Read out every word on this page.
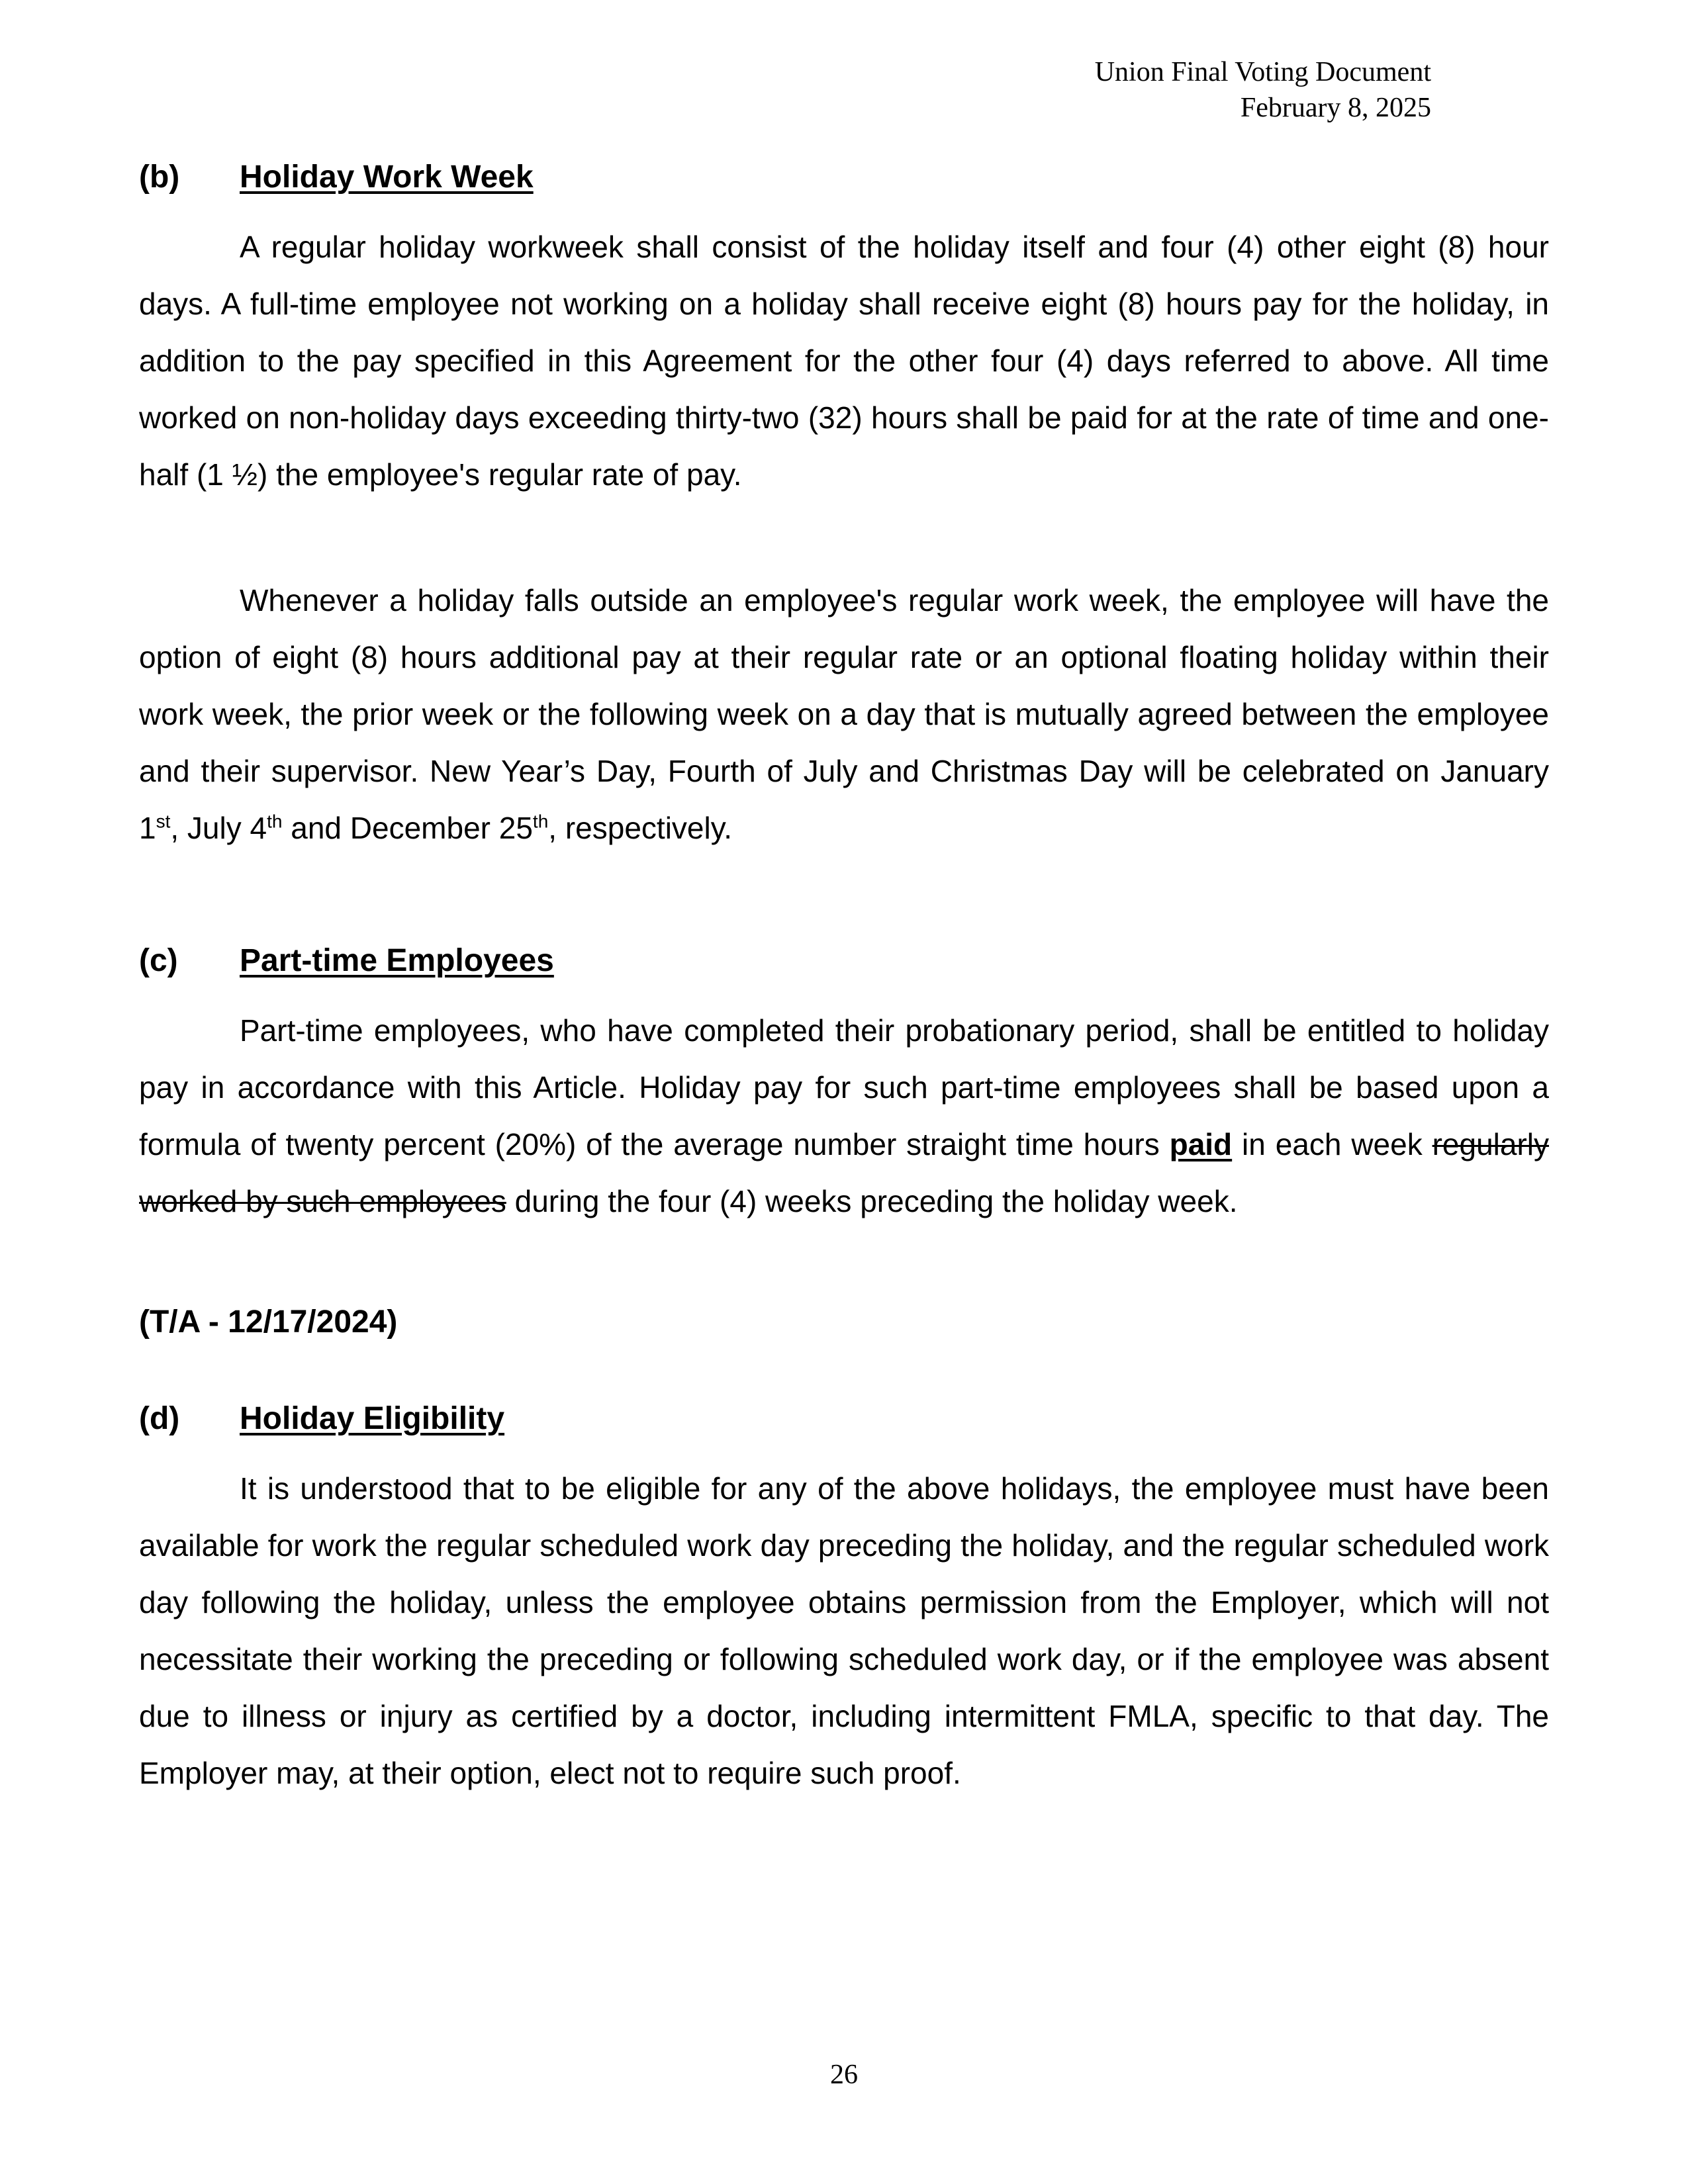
Union Final Voting Document
February 8, 2025
(b) Holiday Work Week

A regular holiday workweek shall consist of the holiday itself and four (4) other eight (8) hour days. A full-time employee not working on a holiday shall receive eight (8) hours pay for the holiday, in addition to the pay specified in this Agreement for the other four (4) days referred to above. All time worked on non-holiday days exceeding thirty-two (32) hours shall be paid for at the rate of time and one-half (1 ½) the employee's regular rate of pay.

Whenever a holiday falls outside an employee's regular work week, the employee will have the option of eight (8) hours additional pay at their regular rate or an optional floating holiday within their work week, the prior week or the following week on a day that is mutually agreed between the employee and their supervisor. New Year’s Day, Fourth of July and Christmas Day will be celebrated on January 1st, July 4th and December 25th, respectively.

(c) Part-time Employees

Part-time employees, who have completed their probationary period, shall be entitled to holiday pay in accordance with this Article. Holiday pay for such part-time employees shall be based upon a formula of twenty percent (20%) of the average number straight time hours paid in each week regularly worked by such employees during the four (4) weeks preceding the holiday week.

(T/A - 12/17/2024)
(d) Holiday Eligibility

It is understood that to be eligible for any of the above holidays, the employee must have been available for work the regular scheduled work day preceding the holiday, and the regular scheduled work day following the holiday, unless the employee obtains permission from the Employer, which will not necessitate their working the preceding or following scheduled work day, or if the employee was absent due to illness or injury as certified by a doctor, including intermittent FMLA, specific to that day. The Employer may, at their option, elect not to require such proof.

26
